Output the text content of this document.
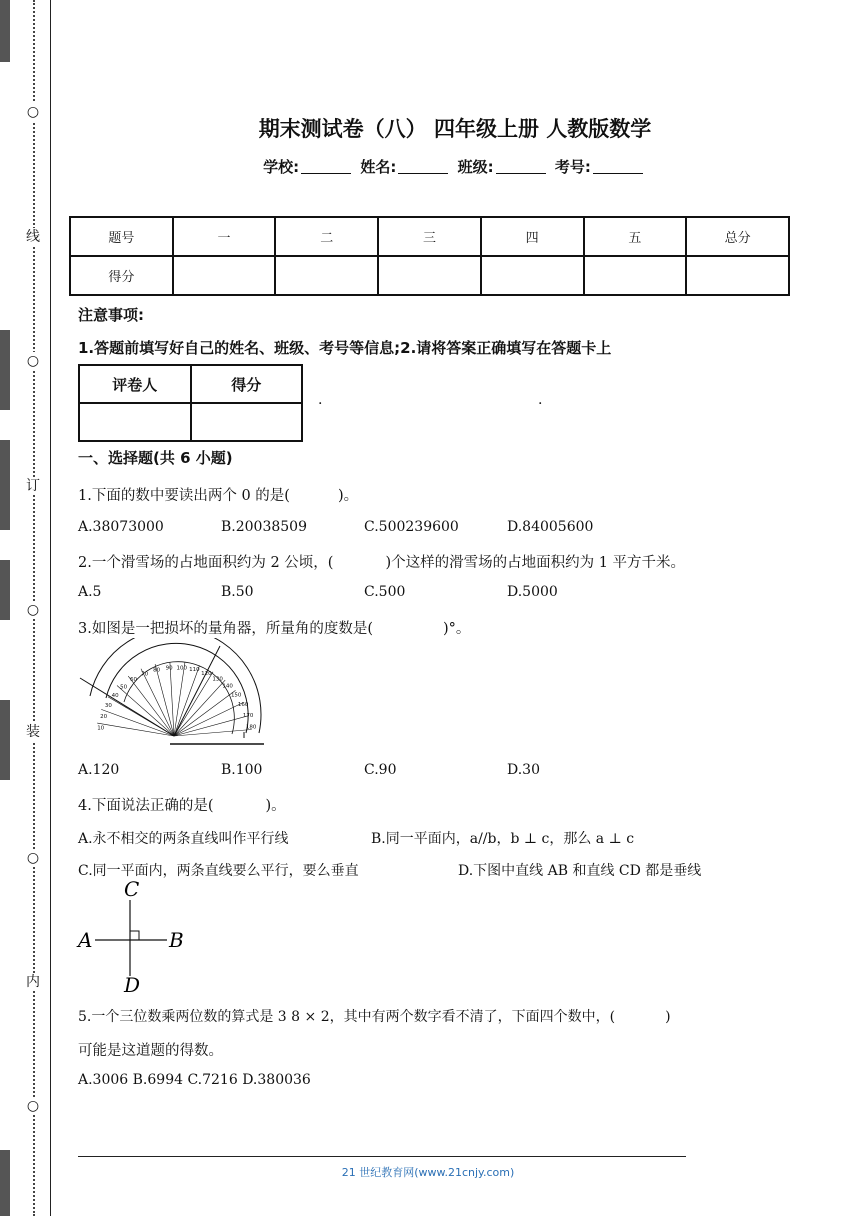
○
线
○
订
○
装
○
内
○
期末测试卷（八） 四年级上册 人教版数学
学校:	姓名:	班级:	考号:
题号	一	二	三	四	五	总分
得分						
注意事项:
1.答题前填写好自己的姓名、班级、考号等信息;2.请将答案正确填写在答题卡上
评卷人	得分

.	.
一、选择题(共 6 小题)
1.下面的数中要读出两个 0 的是(	)。
A.38073000	B.20038509	C.500239600	D.84005600
2.一个滑雪场的占地面积约为 2 公顷，(	)个这样的滑雪场的占地面积约为 1 平方千米。
A.5	B.50	C.500	D.5000
3.如图是一把损坏的量角器，所量角的度数是(	)°。
10
20
30
40
50
60
70
80 90 100 110
120
130
140
150
160
170
180
A.120	B.100	C.90	D.30
4.下面说法正确的是(	)。
A.永不相交的两条直线叫作平行线	B.同一平面内，a//b，b ⊥ c，那么 a ⊥ c
C.同一平面内，两条直线要么平行，要么垂直	D.下图中直线 AB 和直线 CD 都是垂线
C
A	B
D
5.一个三位数乘两位数的算式是 3 8 × 2，其中有两个数字看不清了，下面四个数中，(	)
可能是这道题的得数。
A.3006 B.6994 C.7216 D.380036
21 世纪教育网(www.21cnjy.com)
